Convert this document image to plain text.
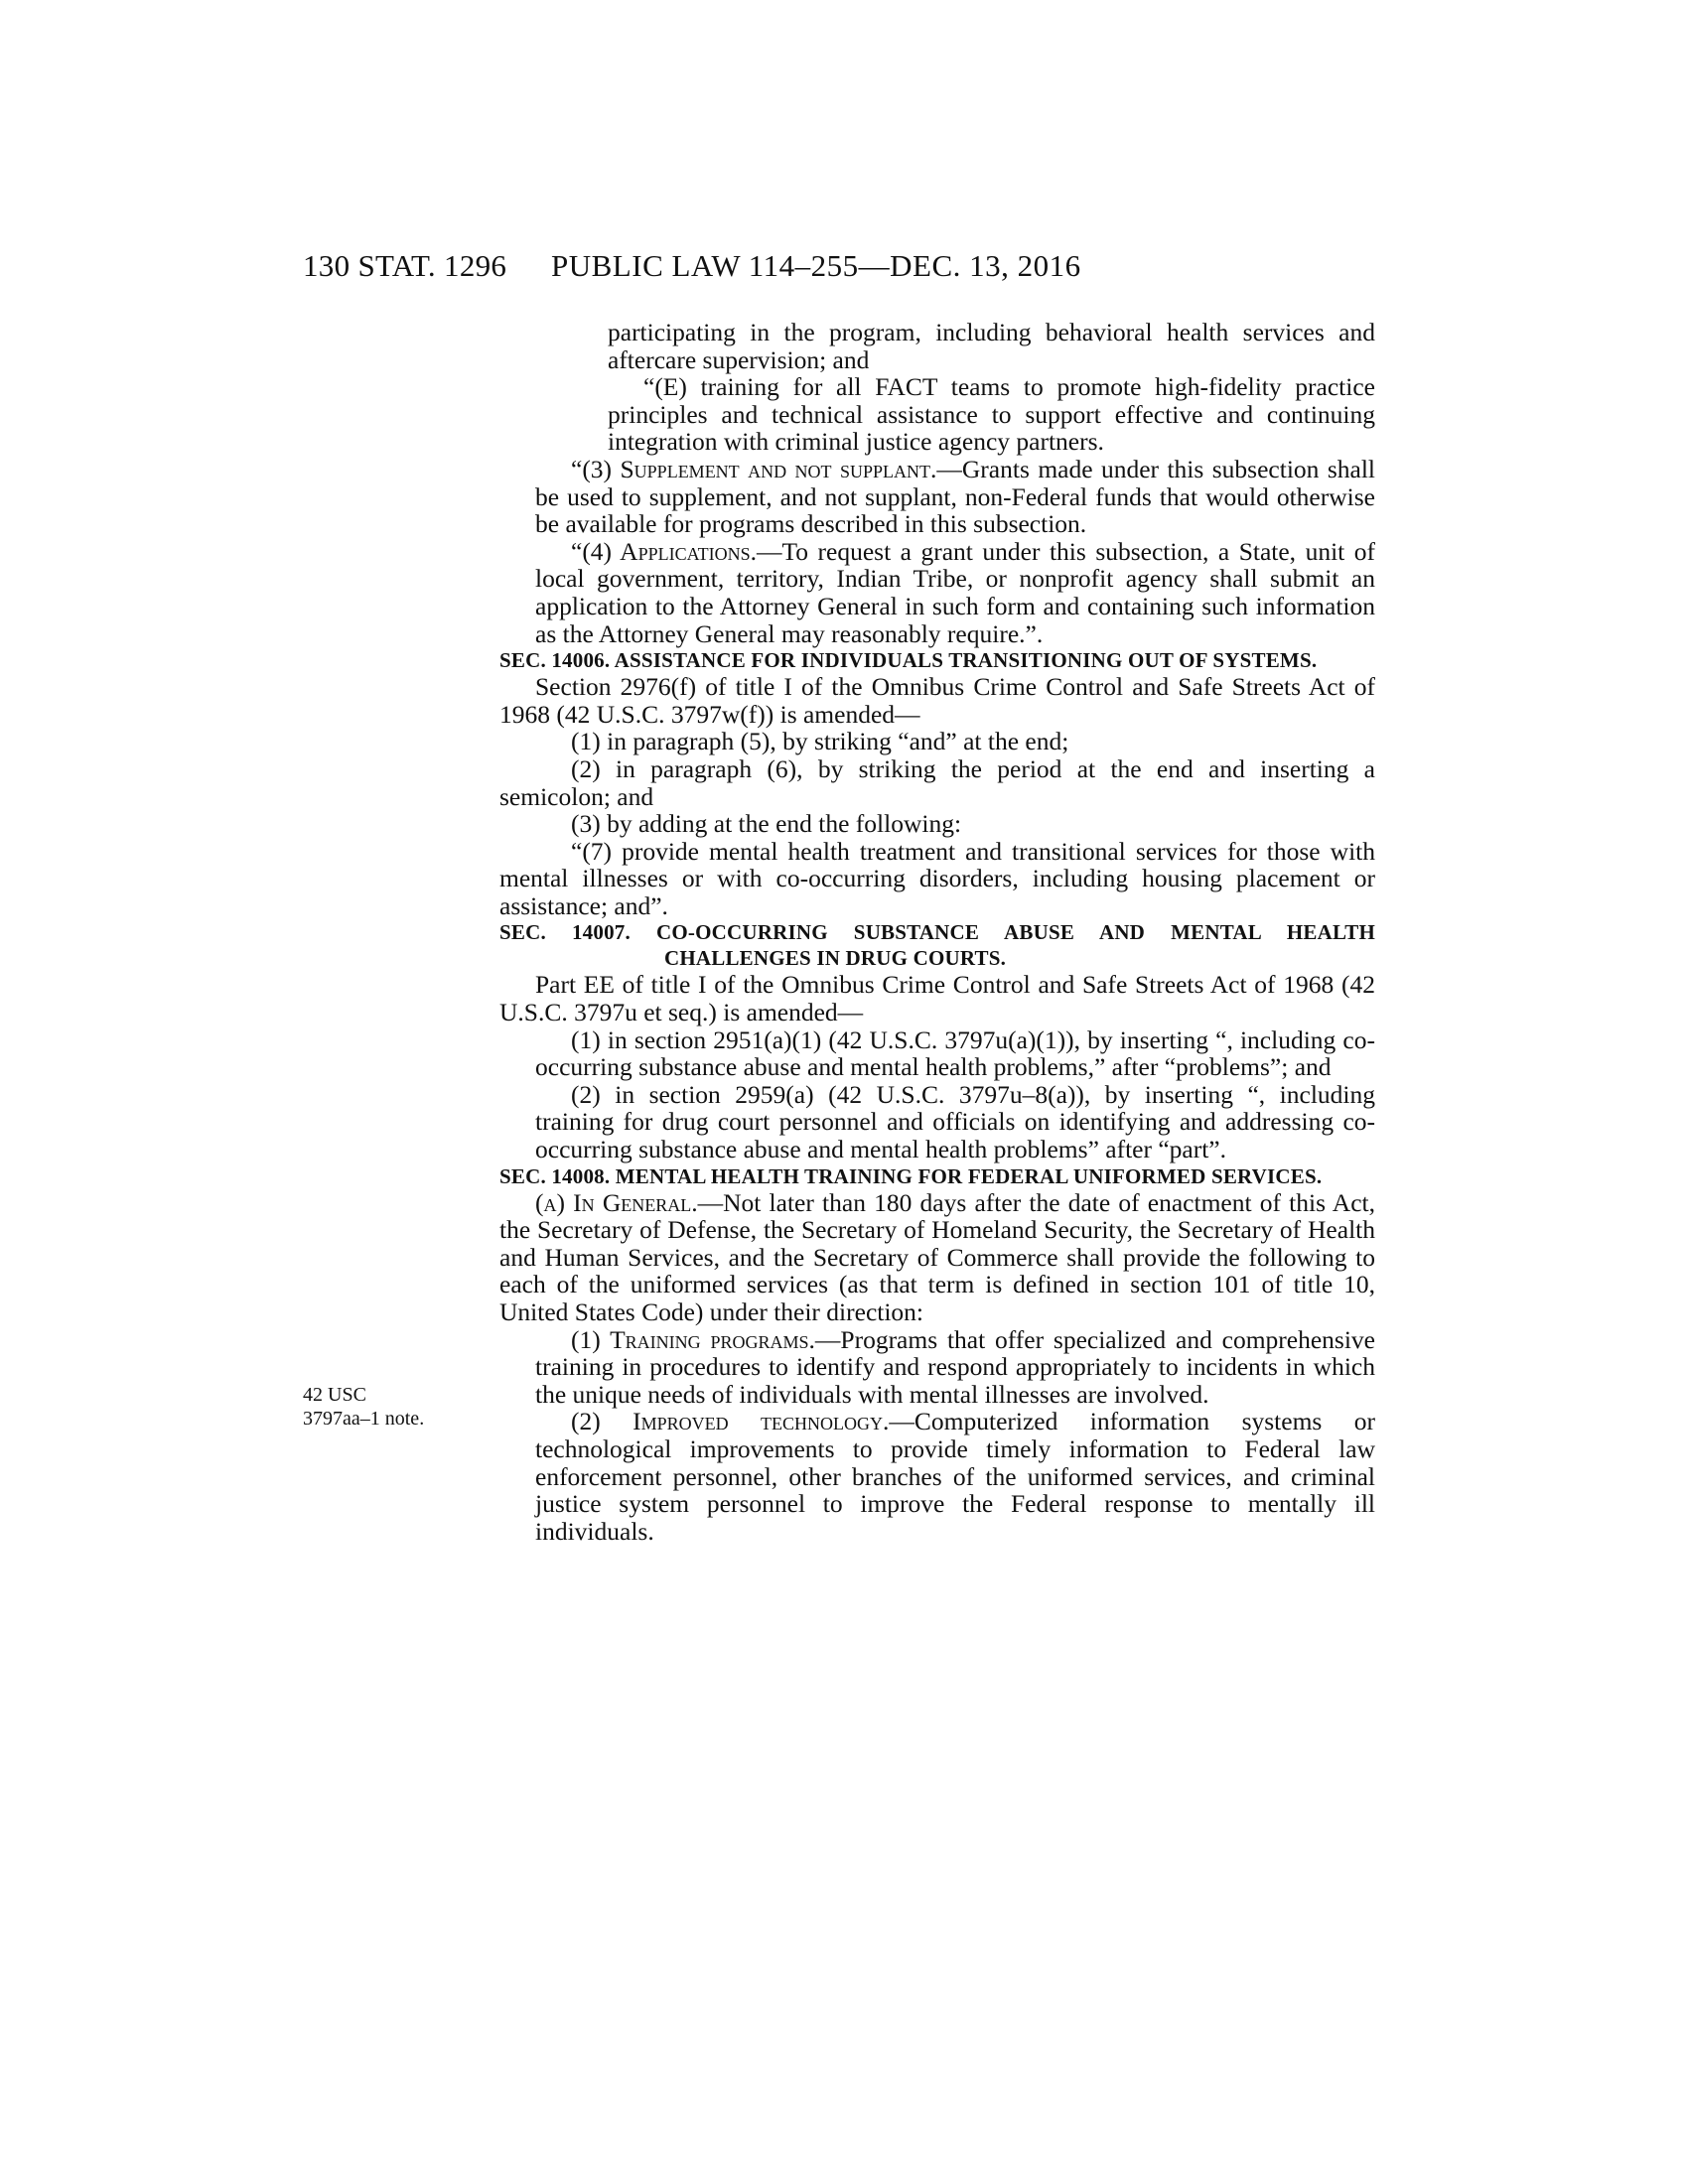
130 STAT. 1296 PUBLIC LAW 114–255—DEC. 13, 2016
42 USC
3797aa–1 note.

participating in the program, including behavioral health services and aftercare supervision; and

“(E) training for all FACT teams to promote high-fidelity practice principles and technical assistance to support effective and continuing integration with criminal justice agency partners.

“(3) Supplement and not supplant.—Grants made under this subsection shall be used to supplement, and not supplant, non-Federal funds that would otherwise be available for programs described in this subsection.

“(4) Applications.—To request a grant under this subsection, a State, unit of local government, territory, Indian Tribe, or nonprofit agency shall submit an application to the Attorney General in such form and containing such information as the Attorney General may reasonably require.”.

SEC. 14006. ASSISTANCE FOR INDIVIDUALS TRANSITIONING OUT OF SYSTEMS.

Section 2976(f) of title I of the Omnibus Crime Control and Safe Streets Act of 1968 (42 U.S.C. 3797w(f)) is amended—

(1) in paragraph (5), by striking “and” at the end;

(2) in paragraph (6), by striking the period at the end and inserting a semicolon; and

(3) by adding at the end the following:

“(7) provide mental health treatment and transitional services for those with mental illnesses or with co-occurring disorders, including housing placement or assistance; and”.

SEC. 14007. CO-OCCURRING SUBSTANCE ABUSE AND MENTAL HEALTH CHALLENGES IN DRUG COURTS.

Part EE of title I of the Omnibus Crime Control and Safe Streets Act of 1968 (42 U.S.C. 3797u et seq.) is amended—

(1) in section 2951(a)(1) (42 U.S.C. 3797u(a)(1)), by inserting “, including co-occurring substance abuse and mental health problems,” after “problems”; and

(2) in section 2959(a) (42 U.S.C. 3797u–8(a)), by inserting “, including training for drug court personnel and officials on identifying and addressing co-occurring substance abuse and mental health problems” after “part”.

SEC. 14008. MENTAL HEALTH TRAINING FOR FEDERAL UNIFORMED SERVICES.

(a) In General.—Not later than 180 days after the date of enactment of this Act, the Secretary of Defense, the Secretary of Homeland Security, the Secretary of Health and Human Services, and the Secretary of Commerce shall provide the following to each of the uniformed services (as that term is defined in section 101 of title 10, United States Code) under their direction:

(1) Training programs.—Programs that offer specialized and comprehensive training in procedures to identify and respond appropriately to incidents in which the unique needs of individuals with mental illnesses are involved.

(2) Improved technology.—Computerized information systems or technological improvements to provide timely information to Federal law enforcement personnel, other branches of the uniformed services, and criminal justice system personnel to improve the Federal response to mentally ill individuals.
